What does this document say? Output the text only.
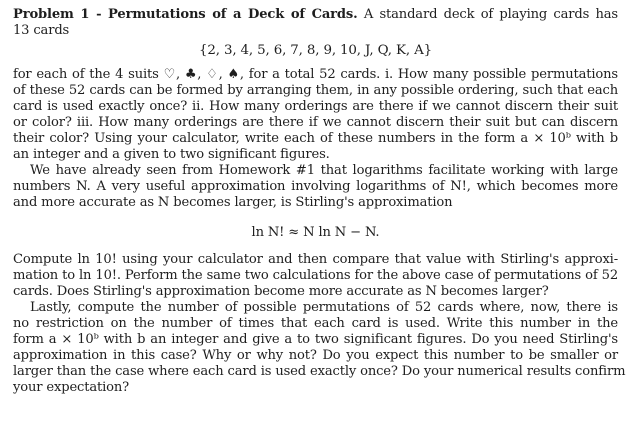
Problem 1 - Permutations of a Deck of Cards. A standard deck of playing cards has
13 cards
{2, 3, 4, 5, 6, 7, 8, 9, 10, J, Q, K, A}
for each of the 4 suits ♡, ♣, ♢, ♠, for a total 52 cards. i. How many possible permutations
of these 52 cards can be formed by arranging them, in any possible ordering, such that each
card is used exactly once? ii. How many orderings are there if we cannot discern their suit
or color? iii. How many orderings are there if we cannot discern their suit but can discern
their color? Using your calculator, write each of these numbers in the form a × 10ᵇ with b
an integer and a given to two significant figures.
We have already seen from Homework #1 that logarithms facilitate working with large
numbers N. A very useful approximation involving logarithms of N!, which becomes more
and more accurate as N becomes larger, is Stirling's approximation
ln N! ≈ N ln N − N.
Compute ln 10! using your calculator and then compare that value with Stirling's approxi-
mation to ln 10!. Perform the same two calculations for the above case of permutations of 52
cards. Does Stirling's approximation become more accurate as N becomes larger?
Lastly, compute the number of possible permutations of 52 cards where, now, there is
no restriction on the number of times that each card is used. Write this number in the
form a × 10ᵇ with b an integer and give a to two significant figures. Do you need Stirling's
approximation in this case? Why or why not? Do you expect this number to be smaller or
larger than the case where each card is used exactly once? Do your numerical results confirm
your expectation?
